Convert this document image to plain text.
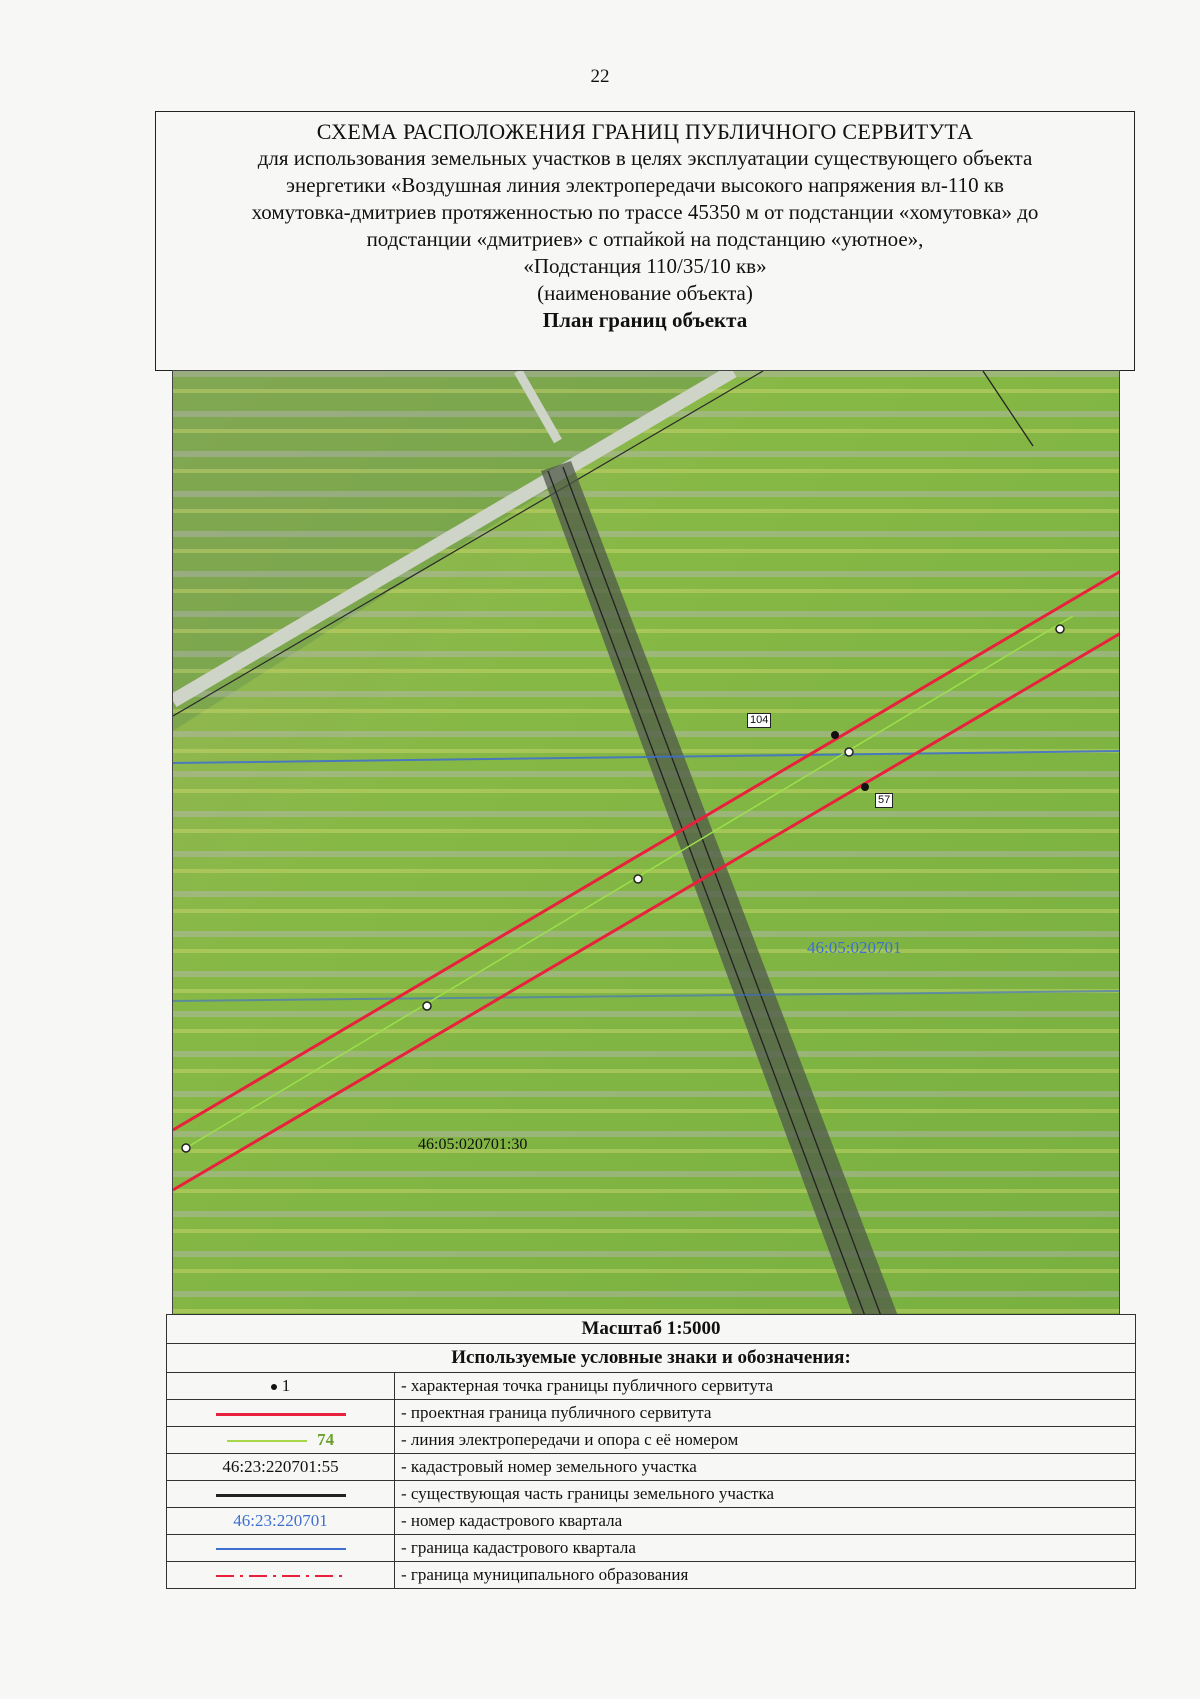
22
СХЕМА РАСПОЛОЖЕНИЯ ГРАНИЦ ПУБЛИЧНОГО СЕРВИТУТА
для использования земельных участков в целях эксплуатации существующего объекта
энергетики «Воздушная линия электропередачи высокого напряжения вл-110 кв
хомутовка-дмитриев протяженностью по трассе 45350 м от подстанции «хомутовка» до
подстанции «дмитриев» с отпайкой на подстанцию «уютное»,
«Подстанция 110/35/10 кв»
(наименование объекта)
План границ объекта
104
57
46:05:020701
46:05:020701:30
Масштаб 1:5000	
Используемые условные знаки и обозначения:	
1	- характерная точка границы публичного сервитута
	- проектная граница публичного сервитута
74	- линия электропередачи и опора с её номером
46:23:220701:55	- кадастровый номер земельного участка
	- существующая часть границы земельного участка
46:23:220701	- номер кадастрового квартала
	- граница кадастрового квартала
	- граница муниципального образования
